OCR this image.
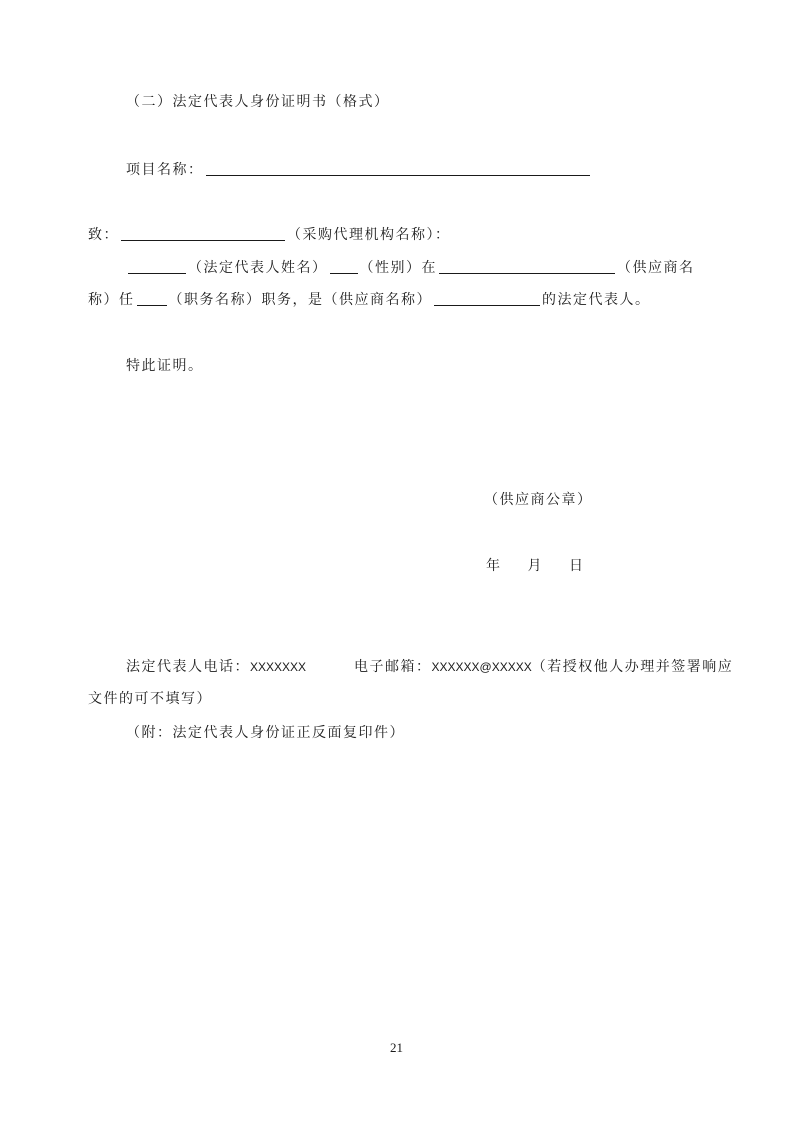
（二）法定代表人身份证明书（格式）
项目名称：
致：	（采购代理机构名称）：
（法定代表人姓名） （性别）在	（供应商名
称）任 （职务名称）职务，是（供应商名称）	的法定代表人。
特此证明。
（供应商公章）
年 月 日
法定代表人电话：XXXXXXX	电子邮箱：XXXXXX@XXXXX（若授权他人办理并签署响应
文件的可不填写）
（附：法定代表人身份证正反面复印件）
21
